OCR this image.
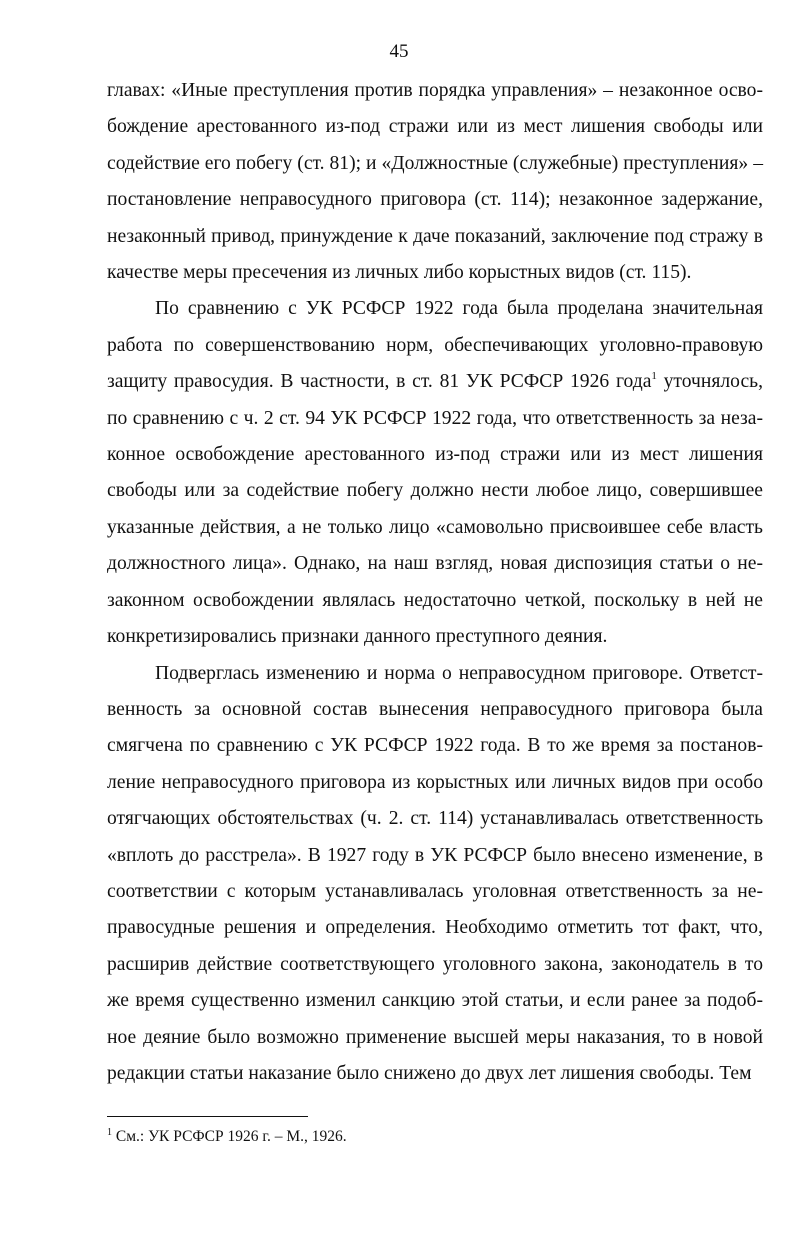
45

главах: «Иные преступления против порядка управления» – незаконное освобождение арестованного из-под стражи или из мест лишения свободы или содействие его побегу (ст. 81); и «Должностные (служебные) преступления» – постановление неправосудного приговора (ст. 114); незаконное задержание, незаконный привод, принуждение к даче показаний, заключение под стражу в качестве меры пресечения из личных либо корыстных видов (ст. 115).

По сравнению с УК РСФСР 1922 года была проделана значительная работа по совершенствованию норм, обеспечивающих уголовно-правовую защиту правосудия. В частности, в ст. 81 УК РСФСР 1926 года$^1$ уточнялось, по сравнению с ч. 2 ст. 94 УК РСФСР 1922 года, что ответственность за незаконное освобождение арестованного из-под стражи или из мест лишения свободы или за содействие побегу должно нести любое лицо, совершившее указанные действия, а не только лицо «самовольно присвоившее себе власть должностного лица». Однако, на наш взгляд, новая диспозиция статьи о незаконном освобождении являлась недостаточно четкой, поскольку в ней не конкретизировались признаки данного преступного деяния.

Подверглась изменению и норма о неправосудном приговоре. Ответственность за основной состав вынесения неправосудного приговора была смягчена по сравнению с УК РСФСР 1922 года. В то же время за постановление неправосудного приговора из корыстных или личных видов при особо отягчающих обстоятельствах (ч. 2. ст. 114) устанавливалась ответственность «вплоть до расстрела». В 1927 году в УК РСФСР было внесено изменение, в соответствии с которым устанавливалась уголовная ответственность за неправосудные решения и определения. Необходимо отметить тот факт, что, расширив действие соответствующего уголовного закона, законодатель в то же время существенно изменил санкцию этой статьи, и если ранее за подобное деяние было возможно применение высшей меры наказания, то в новой редакции статьи наказание было снижено до двух лет лишения свободы. Тем

$^1$ См.: УК РСФСР 1926 г. – М., 1926.
